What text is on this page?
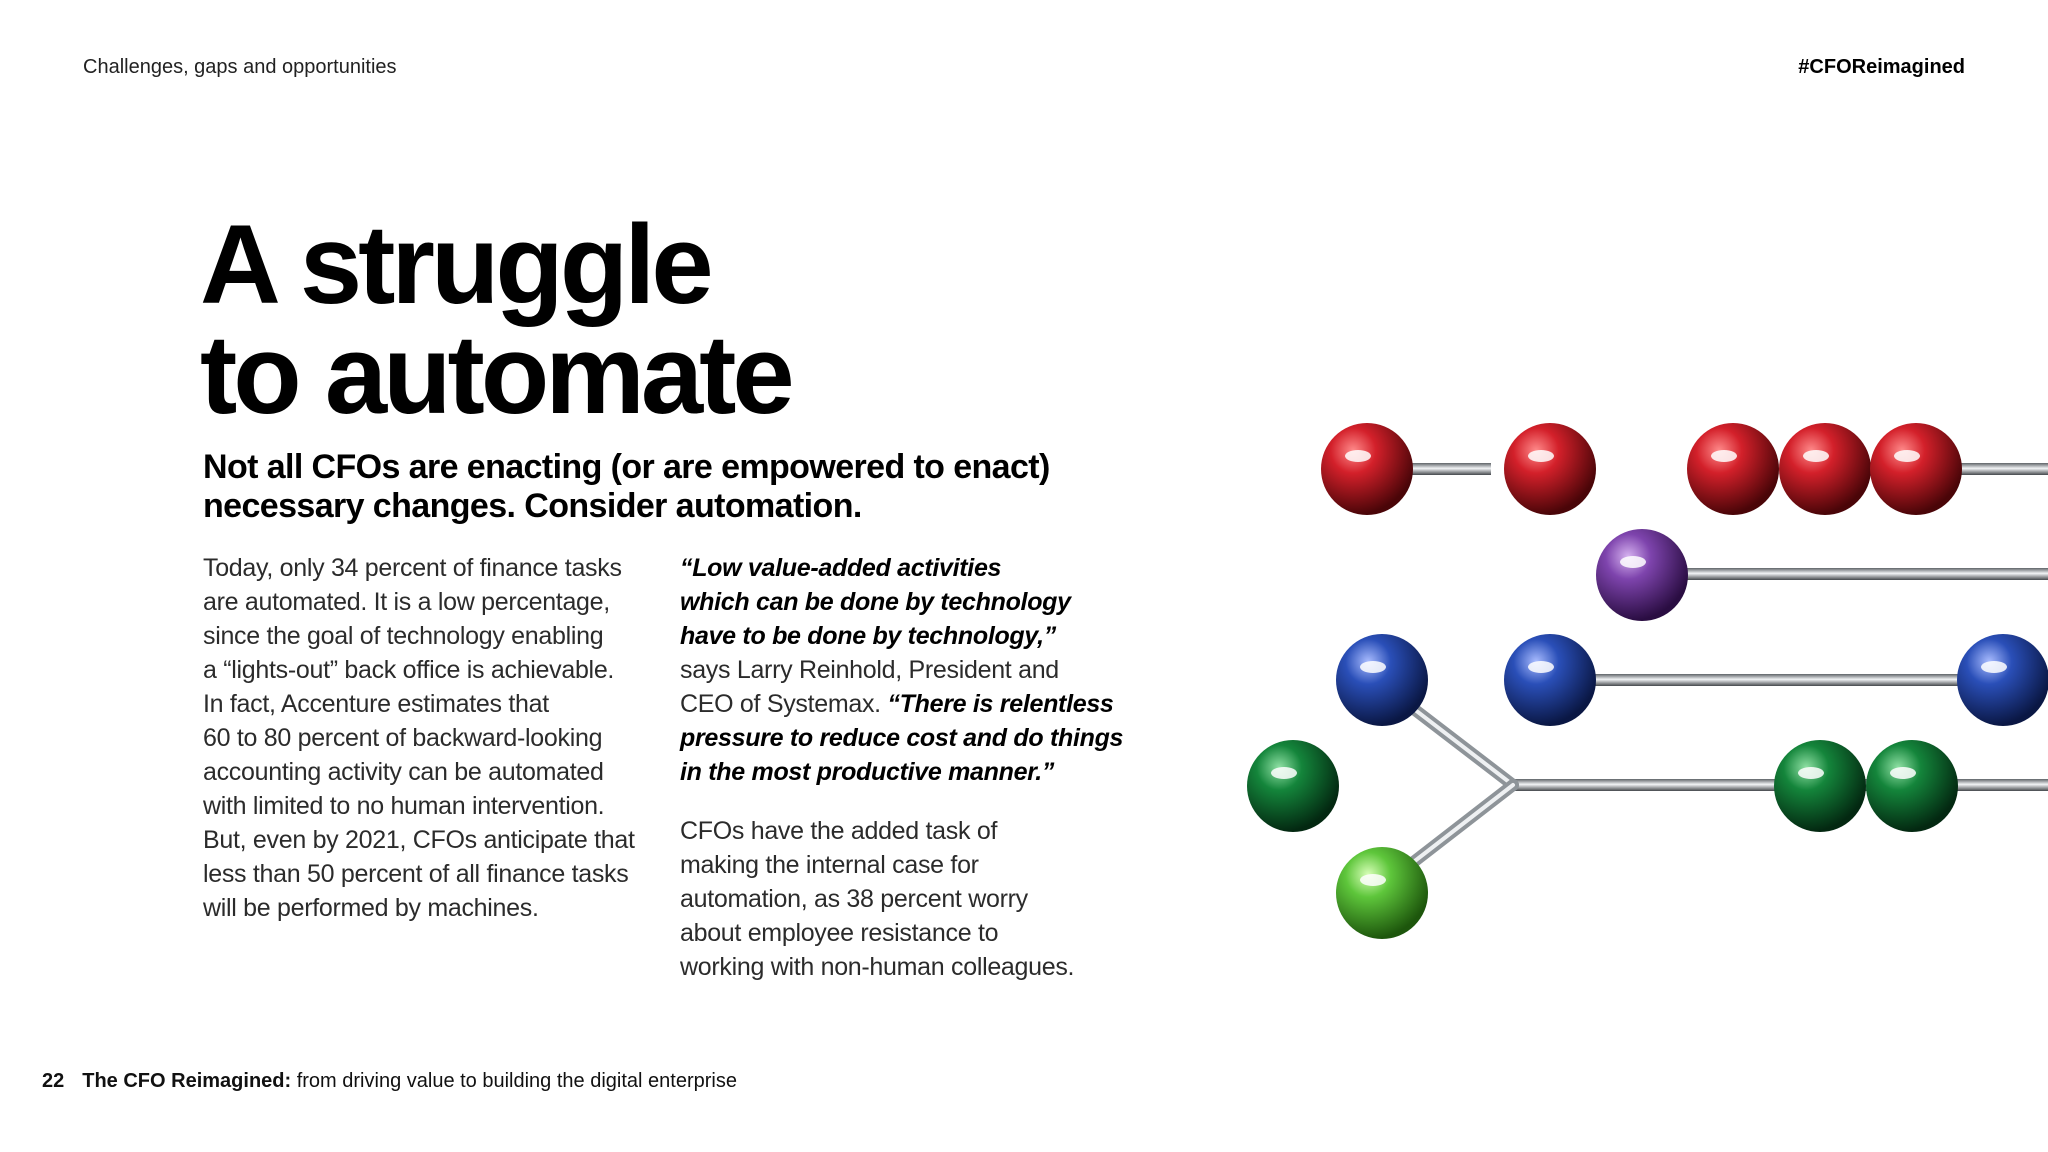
Challenges, gaps and opportunities	#CFOReimagined
A struggle
to automate
Not all CFOs are enacting (or are empowered to enact)
necessary changes. Consider automation.
Today, only 34 percent of finance tasks
are automated. It is a low percentage,
since the goal of technology enabling
a “lights-out” back office is achievable.
In fact, Accenture estimates that
60 to 80 percent of backward-looking
accounting activity can be automated
with limited to no human intervention.
But, even by 2021, CFOs anticipate that
less than 50 percent of all finance tasks
will be performed by machines.
“Low value-added activities
which can be done by technology
have to be done by technology,”
says Larry Reinhold, President and
CEO of Systemax. “There is relentless
pressure to reduce cost and do things
in the most productive manner.”
CFOs have the added task of
making the internal case for
automation, as 38 percent worry
about employee resistance to
working with non-human colleagues.
22 The CFO Reimagined: from driving value to building the digital enterprise
